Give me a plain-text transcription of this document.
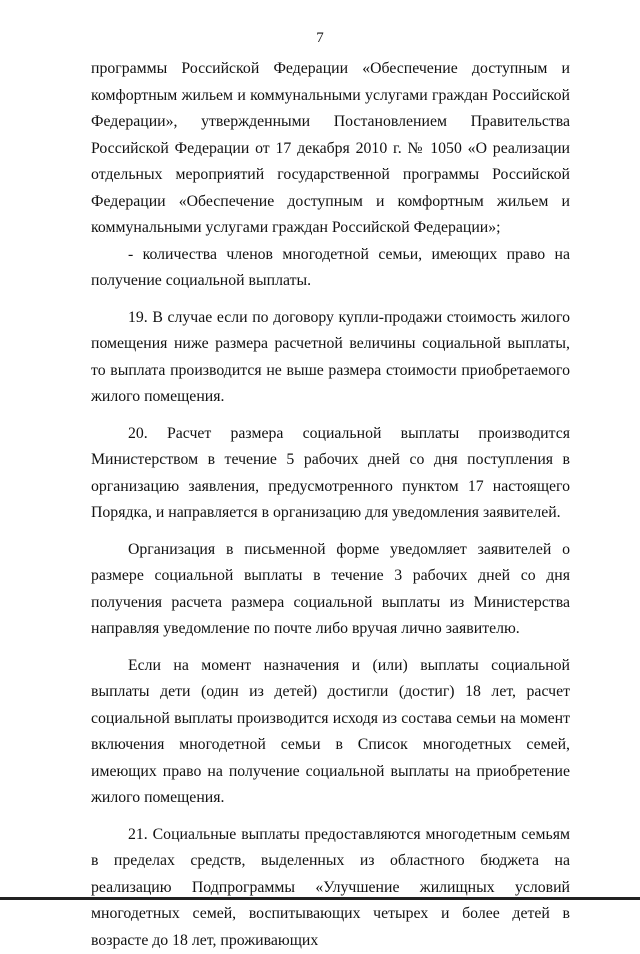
7

программы Российской Федерации «Обеспечение доступным и комфортным жильем и коммунальными услугами граждан Российской Федерации», утвержденными Постановлением Правительства Российской Федерации от 17 декабря 2010 г. № 1050 «О реализации отдельных мероприятий государственной программы Российской Федерации «Обеспечение доступным и комфортным жильем и коммунальными услугами граждан Российской Федерации»;

- количества членов многодетной семьи, имеющих право на получение социальной выплаты.

19. В случае если по договору купли-продажи стоимость жилого помещения ниже размера расчетной величины социальной выплаты, то выплата производится не выше размера стоимости приобретаемого жилого помещения.

20. Расчет размера социальной выплаты производится Министерством в течение 5 рабочих дней со дня поступления в организацию заявления, предусмотренного пунктом 17 настоящего Порядка, и направляется в организацию для уведомления заявителей.

Организация в письменной форме уведомляет заявителей о размере социальной выплаты в течение 3 рабочих дней со дня получения расчета размера социальной выплаты из Министерства направляя уведомление по почте либо вручая лично заявителю.

Если на момент назначения и (или) выплаты социальной выплаты дети (один из детей) достигли (достиг) 18 лет, расчет социальной выплаты производится исходя из состава семьи на момент включения многодетной семьи в Список многодетных семей, имеющих право на получение социальной выплаты на приобретение жилого помещения.

21. Социальные выплаты предоставляются многодетным семьям в пределах средств, выделенных из областного бюджета на реализацию Подпрограммы «Улучшение жилищных условий многодетных семей, воспитывающих четырех и более детей в возрасте до 18 лет, проживающих
